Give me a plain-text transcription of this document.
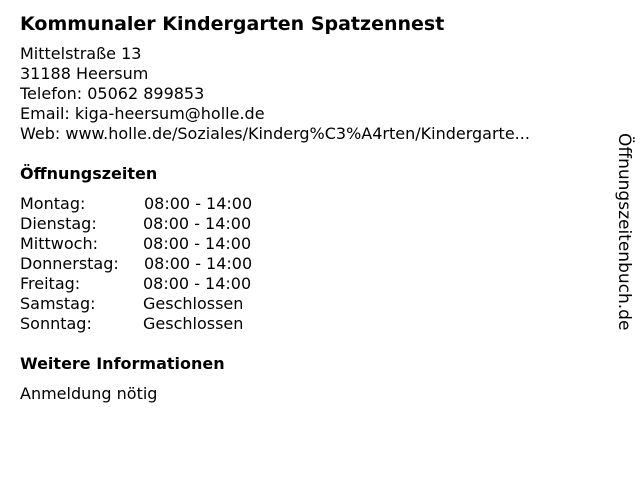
Kommunaler Kindergarten Spatzennest
Mittelstraße 13
31188 Heersum
Telefon: 05062 899853
Email: kiga-heersum@holle.de
Web: www.holle.de/Soziales/Kinderg%C3%A4rten/Kindergarte...
Öffnungszeiten
Montag:	08:00 - 14:00
Dienstag:	08:00 - 14:00
Mittwoch:	08:00 - 14:00
Donnerstag:	08:00 - 14:00
Freitag:	08:00 - 14:00
Samstag:	Geschlossen
Sonntag:	Geschlossen
Weitere Informationen
Anmeldung nötig
Öffnungszeitenbuch.de
